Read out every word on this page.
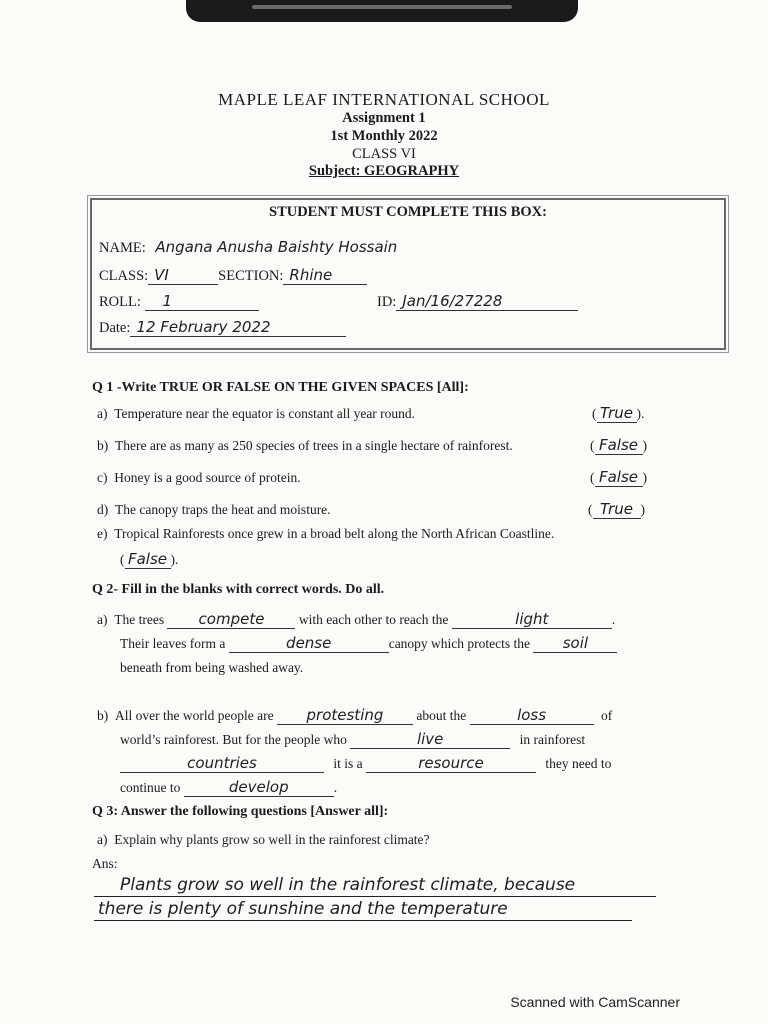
MAPLE LEAF INTERNATIONAL SCHOOL
Assignment 1
1st Monthly 2022
CLASS VI
Subject: GEOGRAPHY
STUDENT MUST COMPLETE THIS BOX:
NAME: Angana Anusha Baishty Hossain
CLASS: VI	SECTION: Rhine
ROLL: 1	ID: Jan/16/27228
Date: 12 February 2022
Q 1 -Write TRUE OR FALSE ON THE GIVEN SPACES [All]:
a) Temperature near the equator is constant all year round.	( True ).
b) There are as many as 250 species of trees in a single hectare of rainforest.	( False )
c) Honey is a good source of protein.	( False )
d) The canopy traps the heat and moisture.	( True )
e) Tropical Rainforests once grew in a broad belt along the North African Coastline.
( False ).
Q 2- Fill in the blanks with correct words. Do all.
a) The trees compete	with each other to reach the	light	.
Their leaves form a	dense	canopy which protects the soil
beneath from being washed away.
b) All over the world people are protesting about the	loss	of
world’s rainforest. But for the people who	live	in rainforest
countries	it is a	resource	they need to
continue to	develop	.
Q 3: Answer the following questions [Answer all]:
a) Explain why plants grow so well in the rainforest climate?
Ans:
Plants grow so well in the rainforest climate, because
there is plenty of sunshine and the temperature
Scanned with CamScanner
